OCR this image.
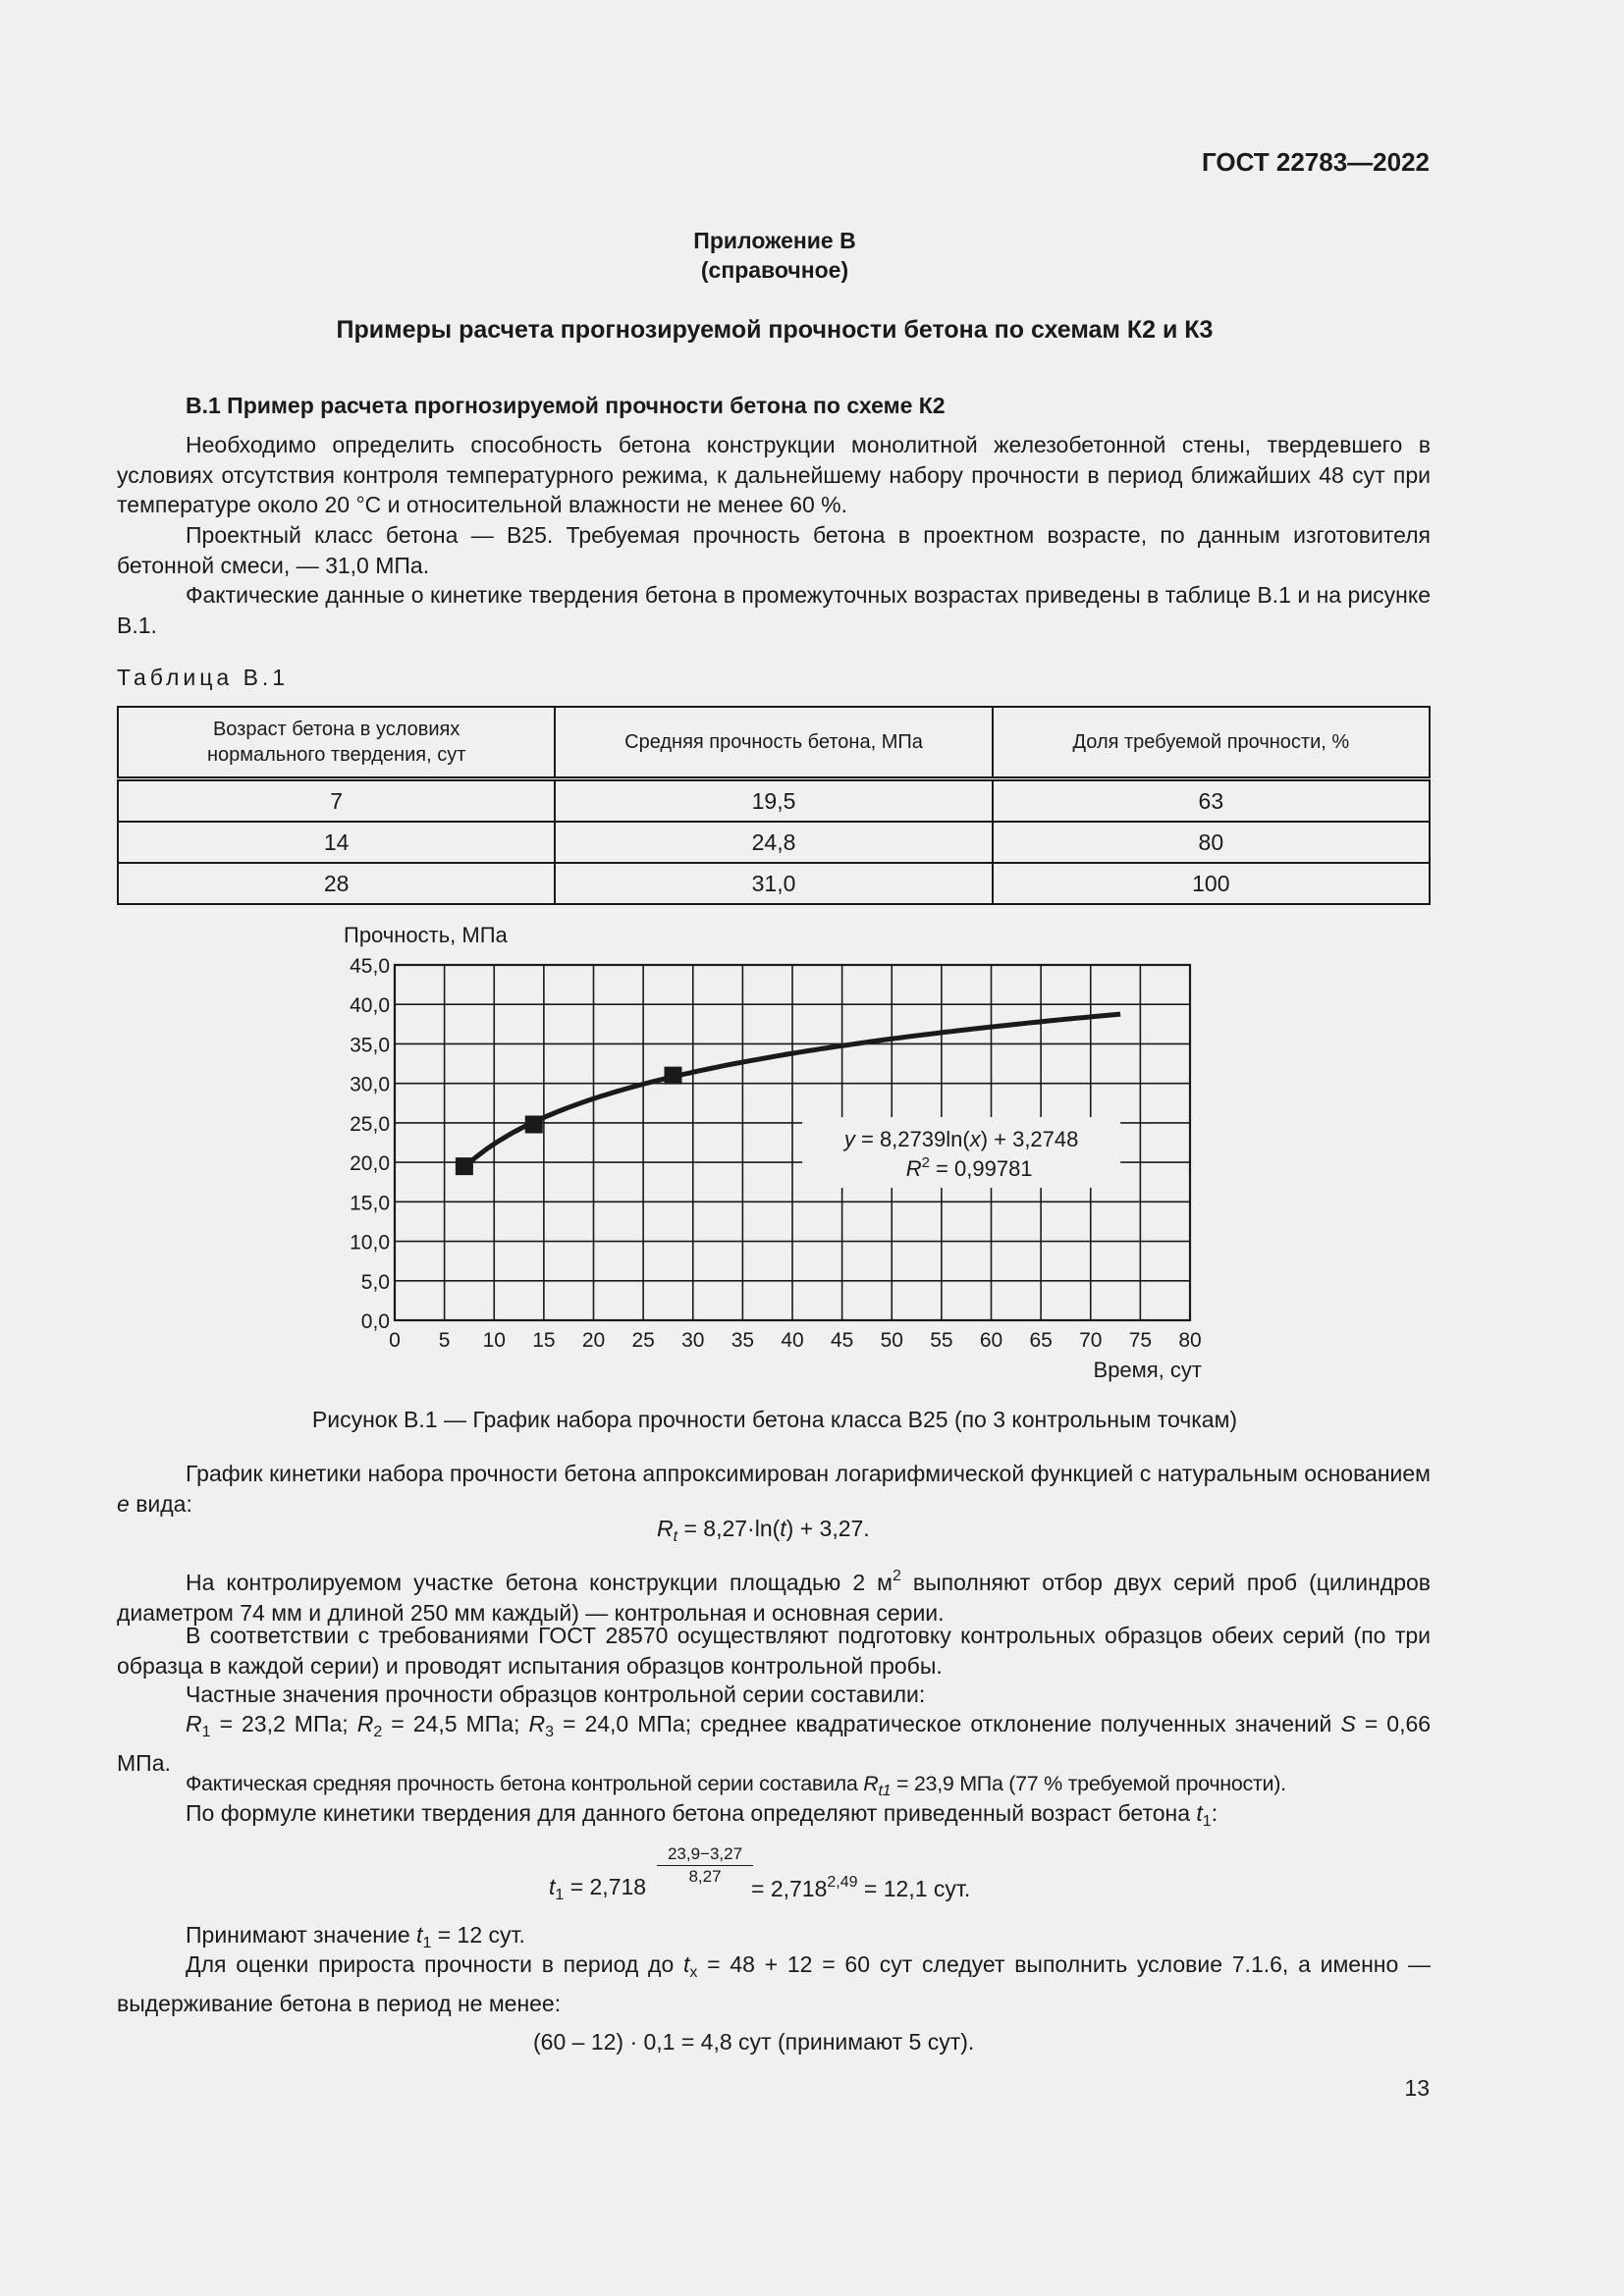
ГОСТ 22783—2022
Приложение В
(справочное)
Примеры расчета прогнозируемой прочности бетона по схемам К2 и К3
В.1 Пример расчета прогнозируемой прочности бетона по схеме К2

Необходимо определить способность бетона конструкции монолитной железобетонной стены, твердевшего в условиях отсутствия контроля температурного режима, к дальнейшему набору прочности в период ближайших 48 сут при температуре около 20 °С и относительной влажности не менее 60 %.

Проектный класс бетона — В25. Требуемая прочность бетона в проектном возрасте, по данным изготовителя бетонной смеси, — 31,0 МПа.

Фактические данные о кинетике твердения бетона в промежуточных возрастах приведены в таблице В.1 и на рисунке В.1.

Таблица В.1
Возраст бетона в условиях нормального твердения, сут	Средняя прочность бетона, МПа	Доля требуемой прочности, %
7	19,5	63
14	24,8	80
28	31,0	100
0 5 10 15 20 25 30 35 40 45 50 55 60 65 70 75 80
0,0
5,0
10,0
15,0
20,0
25,0
30,0
35,0
40,0
45,0
Прочность, МПа
Время, сут
y = 8,2739ln(x) + 3,2748
$R^2 = 0,99781$
Рисунок В.1 — График набора прочности бетона класса В25 (по 3 контрольным точкам)

График кинетики набора прочности бетона аппроксимирован логарифмической функцией с натуральным основанием e вида:

$R_t = 8,27\cdot\ln(t) + 3,27$.

На контролируемом участке бетона конструкции площадью 2 $м^2$ выполняют отбор двух серий проб (цилиндров диаметром 74 мм и длиной 250 мм каждый) — контрольная и основная серии.

В соответствии с требованиями ГОСТ 28570 осуществляют подготовку контрольных образцов обеих серий (по три образца в каждой серии) и проводят испытания образцов контрольной пробы.

Частные значения прочности образцов контрольной серии составили:

$R_1 = 23,2$ МПа; $R_2 = 24,5$ МПа; $R_3 = 24,0$ МПа; среднее квадратическое отклонение полученных значений S = 0,66 МПа.

Фактическая средняя прочность бетона контрольной серии составила $R_{t1} = 23,9$ МПа (77 % требуемой прочности).

По формуле кинетики твердения для данного бетона определяют приведенный возраст бетона $t_1$:

$t_1 = 2,718$
23,9−3,27
8,27	= $2,718^{2,49} = 12,1$ сут.

Принимают значение $t_1 = 12$ сут.

Для оценки прироста прочности в период до $t_x = 48 + 12 = 60$ сут следует выполнить условие 7.1.6, а именно — выдерживание бетона в период не менее:

(60 – 12) · 0,1 = 4,8 сут (принимают 5 сут).
13
